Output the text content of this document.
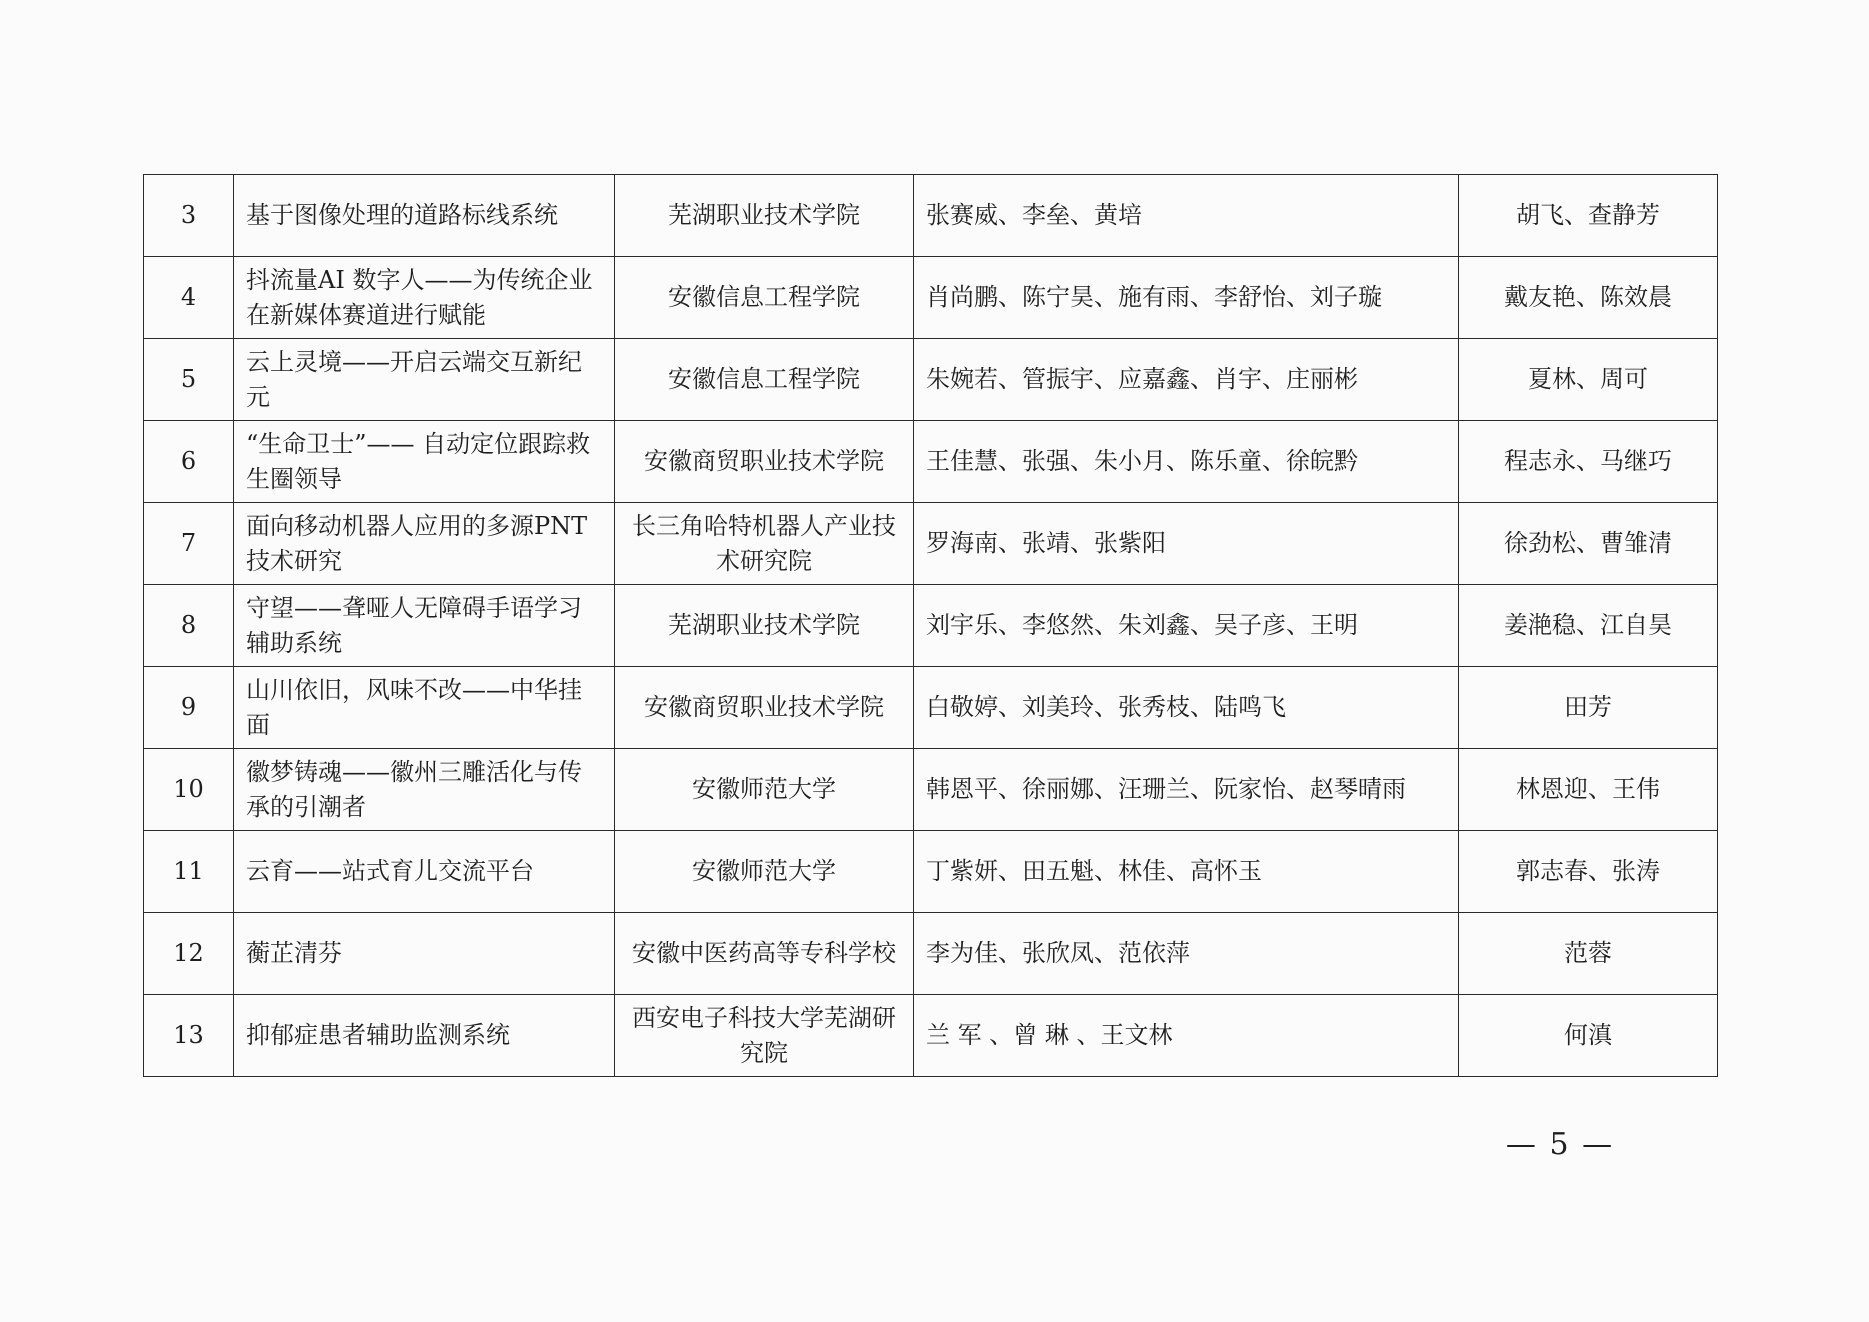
3	基于图像处理的道路标线系统	芜湖职业技术学院	张赛威、李垒、黄培	胡飞、查静芳
4	抖流量AI 数字人——为传统企业在新媒体赛道进行赋能	安徽信息工程学院	肖尚鹏、陈宁昊、施有雨、李舒怡、刘子璇	戴友艳、陈效晨
5	云上灵境——开启云端交互新纪元	安徽信息工程学院	朱婉若、管振宇、应嘉鑫、肖宇、庄丽彬	夏林、周可
6	“生命卫士”—— 自动定位跟踪救生圈领导	安徽商贸职业技术学院	王佳慧、张强、朱小月、陈乐童、徐皖黔	程志永、马继巧
7	面向移动机器人应用的多源PNT 技术研究	长三角哈特机器人产业技术研究院	罗海南、张靖、张紫阳	徐劲松、曹雏清
8	守望——聋哑人无障碍手语学习辅助系统	芜湖职业技术学院	刘宇乐、李悠然、朱刘鑫、吴子彦、王明	姜滟稳、江自昊
9	山川依旧，风味不改——中华挂面	安徽商贸职业技术学院	白敬婷、刘美玲、张秀枝、陆鸣飞	田芳
10	徽梦铸魂——徽州三雕活化与传承的引潮者	安徽师范大学	韩恩平、徐丽娜、汪珊兰、阮家怡、赵琴晴雨	林恩迎、王伟
11	云育——站式育儿交流平台	安徽师范大学	丁紫妍、田五魁、林佳、高怀玉	郭志春、张涛
12	蘅芷清芬	安徽中医药高等专科学校	李为佳、张欣凤、范依萍	范蓉
13	抑郁症患者辅助监测系统	西安电子科技大学芜湖研究院	兰 军 、曾 琳 、王文林	何滇
— 5 —
